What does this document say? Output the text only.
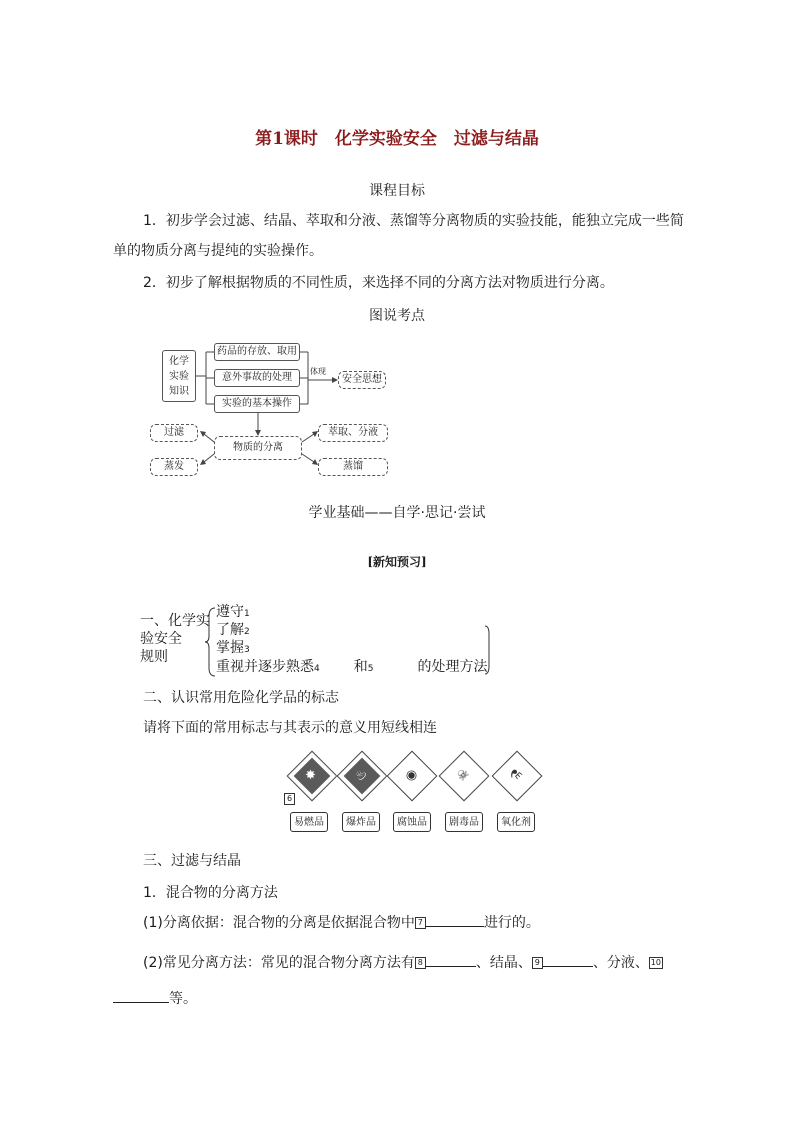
第1课时　化学实验安全　过滤与结晶
课程目标
1．初步学会过滤、结晶、萃取和分液、蒸馏等分离物质的实验技能，能独立完成一些简
单的物质分离与提纯的实验操作。
2．初步了解根据物质的不同性质，来选择不同的分离方法对物质进行分离。
图说考点
化学
实验
知识
药品的存放、取用
意外事故的处理
实验的基本操作
体现
安全思想
物质的分离
过滤
蒸发
萃取、分液
蒸馏
学业基础——自学·思记·尝试
[新知预习]
一、化学实
验安全
规则
遵守1
了解2
掌握3
重视并逐步熟悉4 和5	的处理方法
二、认识常用危险化学品的标志
请将下面的常用标志与其表示的意义用短线相连
✸	♨	◉	☠	⚗
6
易燃品	爆炸品	腐蚀品	剧毒品	氧化剂
三、过滤与结晶
1．混合物的分离方法
(1)分离依据：混合物的分离是依据混合物中 7	进行的。
(2)常见分离方法：常见的混合物分离方法有 8	、结晶、 9	、分液、 10
等。
